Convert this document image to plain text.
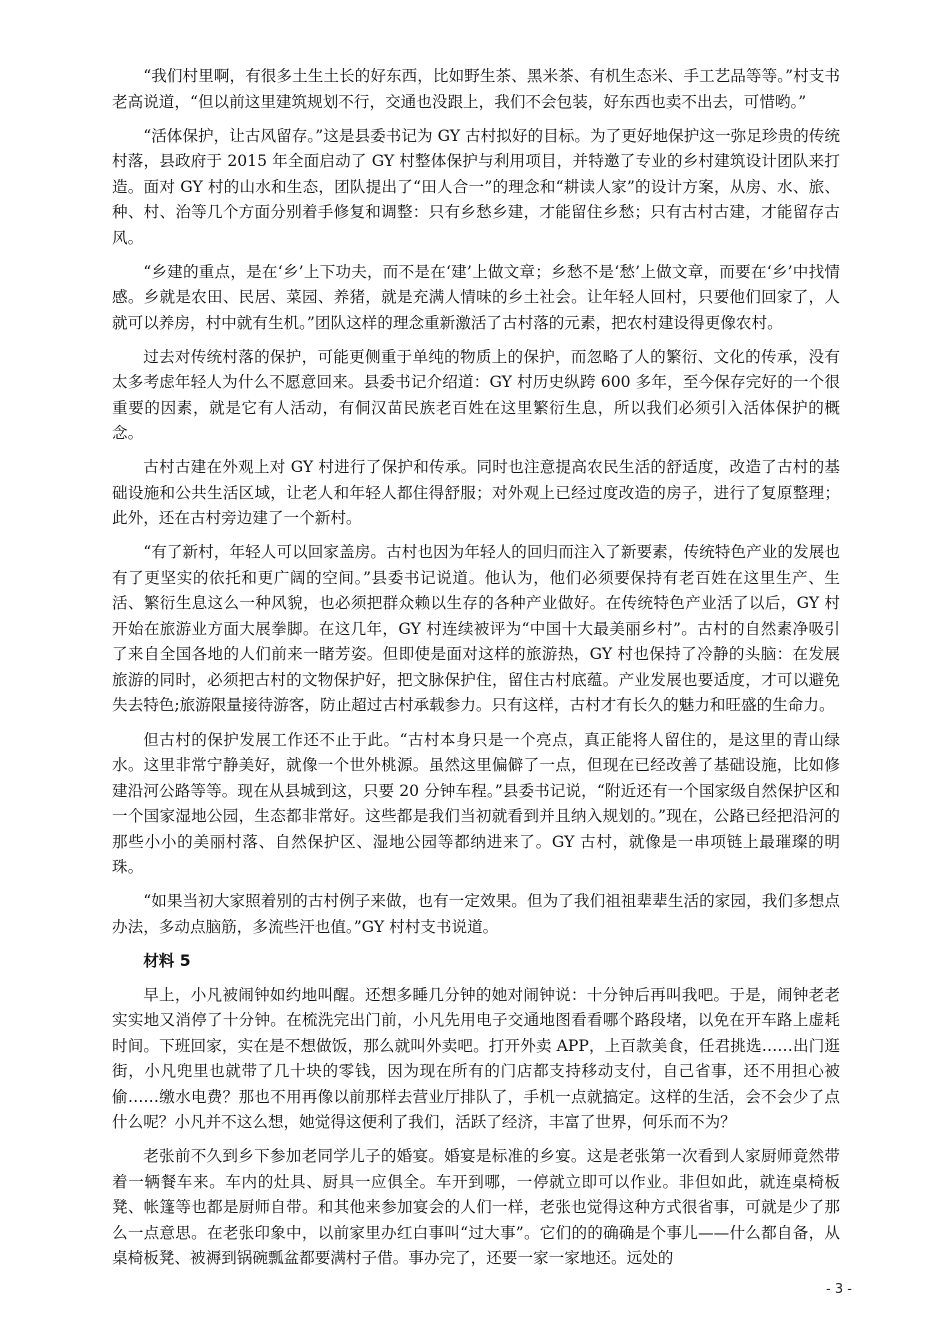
“我们村里啊，有很多土生土长的好东西，比如野生茶、黑米茶、有机生态米、手工艺品等等。”村支书老高说道，“但以前这里建筑规划不行，交通也没跟上，我们不会包装，好东西也卖不出去，可惜哟。”

“活体保护，让古风留存。”这是县委书记为 GY 古村拟好的目标。为了更好地保护这一弥足珍贵的传统村落，县政府于 2015 年全面启动了 GY 村整体保护与利用项目，并特邀了专业的乡村建筑设计团队来打造。面对 GY 村的山水和生态，团队提出了“田人合一”的理念和“耕读人家”的设计方案，从房、水、旅、种、村、治等几个方面分别着手修复和调整：只有乡愁乡建，才能留住乡愁；只有古村古建，才能留存古风。

“乡建的重点，是在‘乡’上下功夫，而不是在‘建’上做文章；乡愁不是‘愁’上做文章，而要在‘乡’中找情感。乡就是农田、民居、菜园、养猪，就是充满人情味的乡土社会。让年轻人回村，只要他们回家了，人就可以养房，村中就有生机。”团队这样的理念重新激活了古村落的元素，把农村建设得更像农村。

过去对传统村落的保护，可能更侧重于单纯的物质上的保护，而忽略了人的繁衍、文化的传承，没有太多考虑年轻人为什么不愿意回来。县委书记介绍道：GY 村历史纵跨 600 多年，至今保存完好的一个很重要的因素，就是它有人活动，有侗汉苗民族老百姓在这里繁衍生息，所以我们必须引入活体保护的概念。

古村古建在外观上对 GY 村进行了保护和传承。同时也注意提高农民生活的舒适度，改造了古村的基础设施和公共生活区域，让老人和年轻人都住得舒服；对外观上已经过度改造的房子，进行了复原整理；此外，还在古村旁边建了一个新村。

“有了新村，年轻人可以回家盖房。古村也因为年轻人的回归而注入了新要素，传统特色产业的发展也有了更坚实的依托和更广阔的空间。”县委书记说道。他认为，他们必须要保持有老百姓在这里生产、生活、繁衍生息这么一种风貌，也必须把群众赖以生存的各种产业做好。在传统特色产业活了以后，GY 村开始在旅游业方面大展拳脚。在这几年，GY 村连续被评为“中国十大最美丽乡村”。古村的自然素净吸引了来自全国各地的人们前来一睹芳姿。但即使是面对这样的旅游热，GY 村也保持了冷静的头脑：在发展旅游的同时，必须把古村的文物保护好，把文脉保护住，留住古村底蕴。产业发展也要适度，才可以避免失去特色;旅游限量接待游客，防止超过古村承载参力。只有这样，古村才有长久的魅力和旺盛的生命力。

但古村的保护发展工作还不止于此。“古村本身只是一个亮点，真正能将人留住的，是这里的青山绿水。这里非常宁静美好，就像一个世外桃源。虽然这里偏僻了一点，但现在已经改善了基础设施，比如修建沿河公路等等。现在从县城到这，只要 20 分钟车程。”县委书记说，“附近还有一个国家级自然保护区和一个国家湿地公园，生态都非常好。这些都是我们当初就看到并且纳入规划的。”现在，公路已经把沿河的那些小小的美丽村落、自然保护区、湿地公园等都纳进来了。GY 古村，就像是一串项链上最璀璨的明珠。

“如果当初大家照着别的古村例子来做，也有一定效果。但为了我们祖祖辈辈生活的家园，我们多想点办法，多动点脑筋，多流些汗也值。”GY 村村支书说道。

材料 5

早上，小凡被闹钟如约地叫醒。还想多睡几分钟的她对闹钟说：十分钟后再叫我吧。于是，闹钟老老实实地又消停了十分钟。在梳洗完出门前，小凡先用电子交通地图看看哪个路段堵，以免在开车路上虚耗时间。下班回家，实在是不想做饭，那么就叫外卖吧。打开外卖 APP，上百款美食，任君挑选……出门逛街，小凡兜里也就带了几十块的零钱，因为现在所有的门店都支持移动支付，自己省事，还不用担心被偷……缴水电费？那也不用再像以前那样去营业厅排队了，手机一点就搞定。这样的生活，会不会少了点什么呢？小凡并不这么想，她觉得这便利了我们，活跃了经济，丰富了世界，何乐而不为？

老张前不久到乡下参加老同学儿子的婚宴。婚宴是标准的乡宴。这是老张第一次看到人家厨师竟然带着一辆餐车来。车内的灶具、厨具一应俱全。车开到哪，一停就立即可以作业。非但如此，就连桌椅板凳、帐篷等也都是厨师自带。和其他来参加宴会的人们一样，老张也觉得这种方式很省事，可就是少了那么一点意思。在老张印象中，以前家里办红白事叫“过大事”。它们的的确确是个事儿——什么都自备，从桌椅板凳、被褥到锅碗瓢盆都要满村子借。事办完了，还要一家一家地还。远处的

- 3 -
